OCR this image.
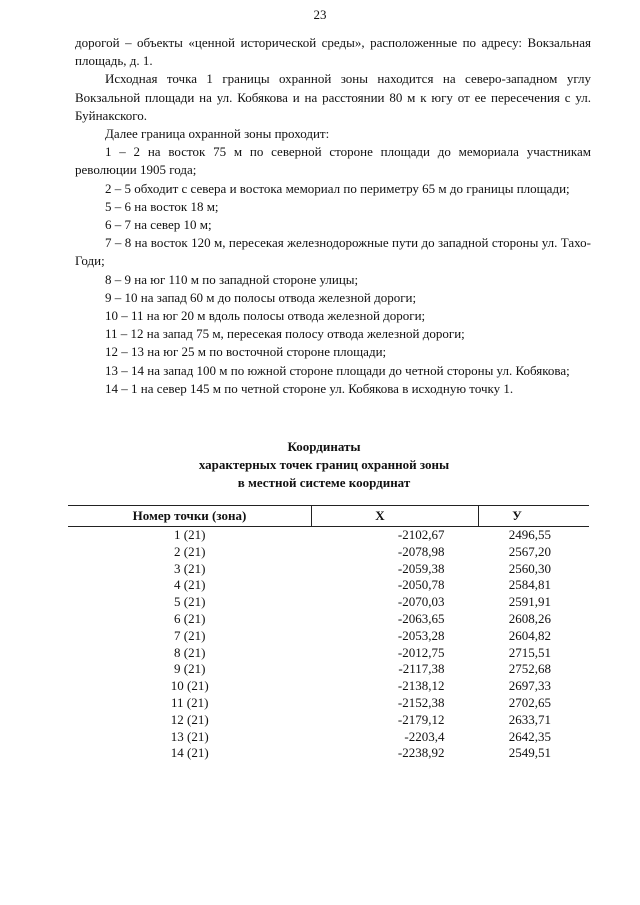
23

дорогой – объекты «ценной исторической среды», расположенные по адресу: Вокзальная площадь, д. 1.

Исходная точка 1 границы охранной зоны находится на северо-западном углу Вокзальной площади на ул. Кобякова и на расстоянии 80 м к югу от ее пересечения с ул. Буйнакского.

Далее граница охранной зоны проходит:

1 – 2 на восток 75 м по северной стороне площади до мемориала участникам революции 1905 года;

2 – 5 обходит с севера и востока мемориал по периметру 65 м до границы площади;

5 – 6 на восток 18 м;

6 – 7 на север 10 м;

7 – 8 на восток 120 м, пересекая железнодорожные пути до западной стороны ул. Тахо-Годи;

8 – 9 на юг 110 м по западной стороне улицы;

9 – 10 на запад 60 м до полосы отвода железной дороги;

10 – 11 на юг 20 м вдоль полосы отвода железной дороги;

11 – 12 на запад 75 м, пересекая полосу отвода железной дороги;

12 – 13 на юг 25 м по восточной стороне площади;

13 – 14 на запад 100 м по южной стороне площади до четной стороны ул. Кобякова;

14 – 1 на север 145 м по четной стороне ул. Кобякова в исходную точку 1.

Координаты
характерных точек границ охранной зоны
в местной системе координат
Номер точки (зона)	Х	У
1 (21)	-2102,67	2496,55
2 (21)	-2078,98	2567,20
3 (21)	-2059,38	2560,30
4 (21)	-2050,78	2584,81
5 (21)	-2070,03	2591,91
6 (21)	-2063,65	2608,26
7 (21)	-2053,28	2604,82
8 (21)	-2012,75	2715,51
9 (21)	-2117,38	2752,68
10 (21)	-2138,12	2697,33
11 (21)	-2152,38	2702,65
12 (21)	-2179,12	2633,71
13 (21)	-2203,4	2642,35
14 (21)	-2238,92	2549,51
